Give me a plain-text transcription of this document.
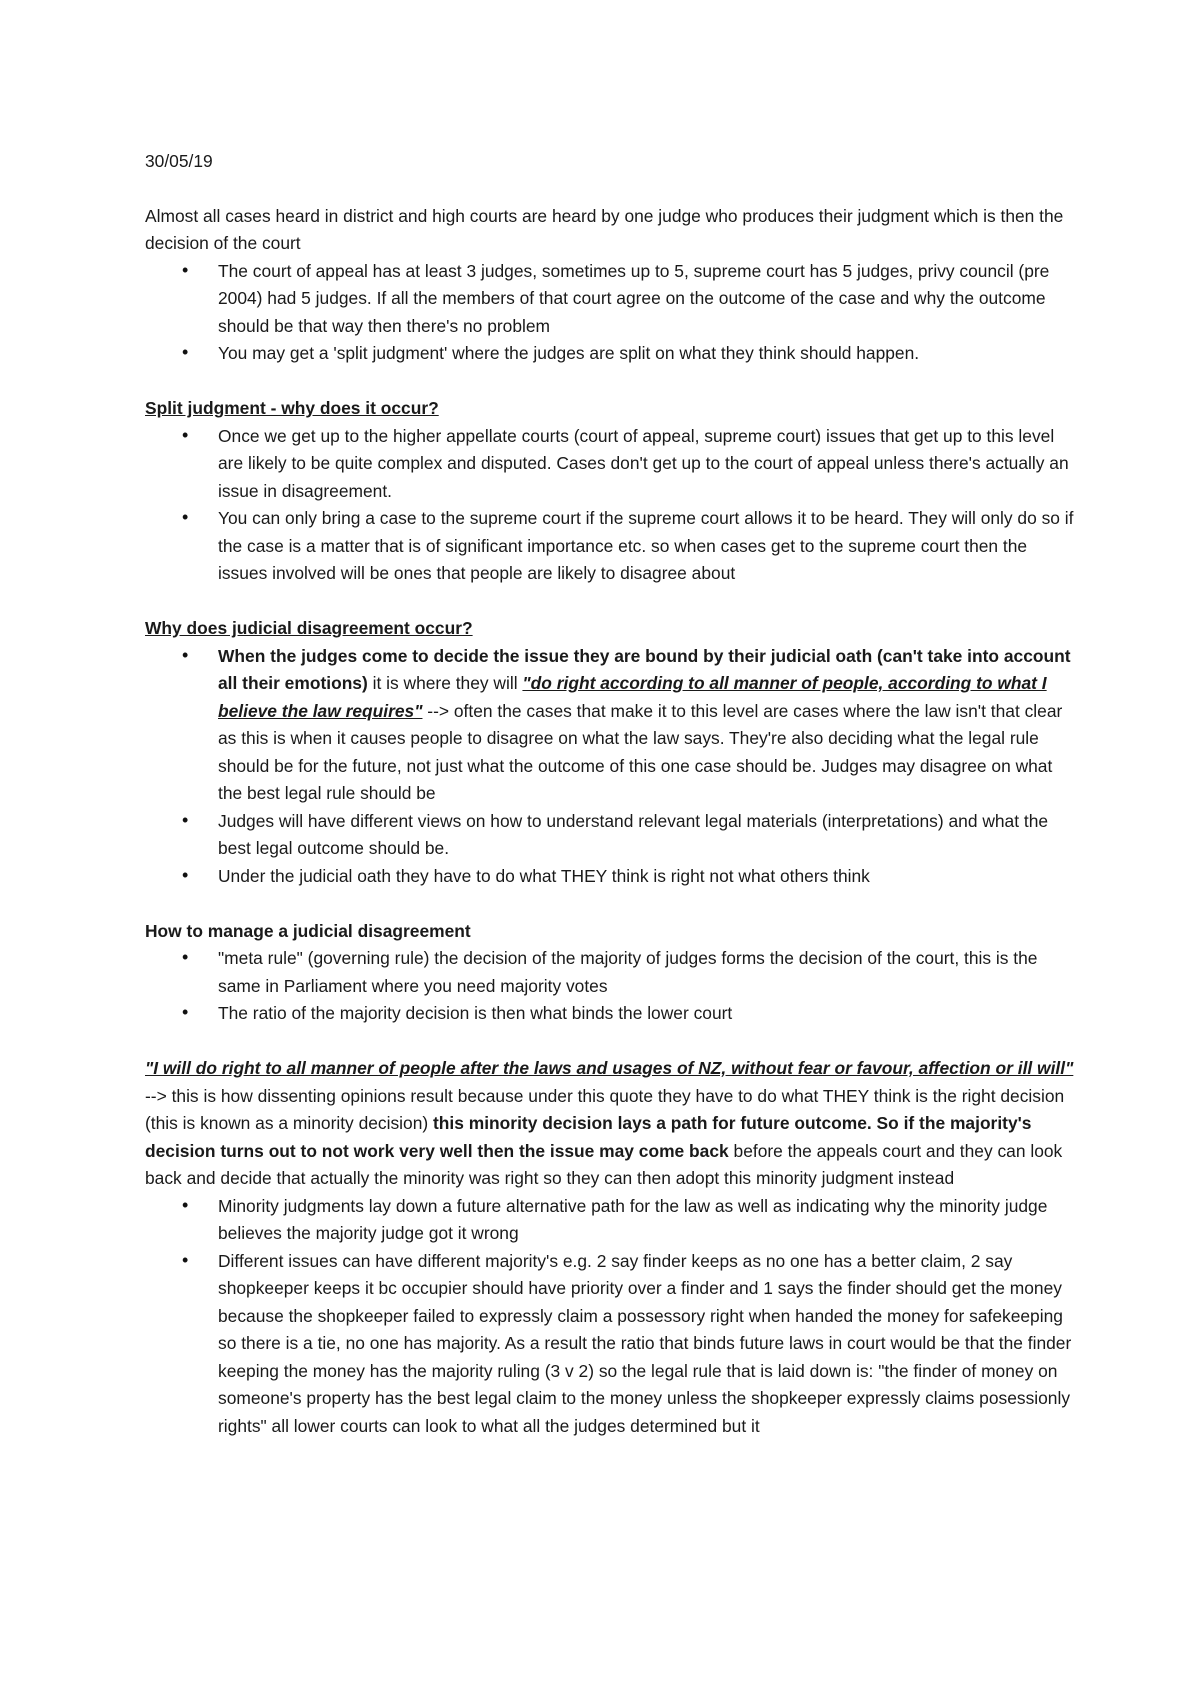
30/05/19

Almost all cases heard in district and high courts are heard by one judge who produces their judgment which is then the decision of the court

• The court of appeal has at least 3 judges, sometimes up to 5, supreme court has 5 judges, privy council (pre 2004) had 5 judges. If all the members of that court agree on the outcome of the case and why the outcome should be that way then there's no problem
• You may get a 'split judgment' where the judges are split on what they think should happen.

Split judgment - why does it occur?

• Once we get up to the higher appellate courts (court of appeal, supreme court) issues that get up to this level are likely to be quite complex and disputed. Cases don't get up to the court of appeal unless there's actually an issue in disagreement.
• You can only bring a case to the supreme court if the supreme court allows it to be heard. They will only do so if the case is a matter that is of significant importance etc. so when cases get to the supreme court then the issues involved will be ones that people are likely to disagree about

Why does judicial disagreement occur?

• When the judges come to decide the issue they are bound by their judicial oath (can't take into account all their emotions) it is where they will "do right according to all manner of people, according to what I believe the law requires" --> often the cases that make it to this level are cases where the law isn't that clear as this is when it causes people to disagree on what the law says. They're also deciding what the legal rule should be for the future, not just what the outcome of this one case should be. Judges may disagree on what the best legal rule should be
• Judges will have different views on how to understand relevant legal materials (interpretations) and what the best legal outcome should be.
• Under the judicial oath they have to do what THEY think is right not what others think

How to manage a judicial disagreement

• "meta rule" (governing rule) the decision of the majority of judges forms the decision of the court, this is the same in Parliament where you need majority votes
• The ratio of the majority decision is then what binds the lower court

"I will do right to all manner of people after the laws and usages of NZ, without fear or favour, affection or ill will" --> this is how dissenting opinions result because under this quote they have to do what THEY think is the right decision (this is known as a minority decision) this minority decision lays a path for future outcome. So if the majority's decision turns out to not work very well then the issue may come back before the appeals court and they can look back and decide that actually the minority was right so they can then adopt this minority judgment instead

• Minority judgments lay down a future alternative path for the law as well as indicating why the minority judge believes the majority judge got it wrong
• Different issues can have different majority's e.g. 2 say finder keeps as no one has a better claim, 2 say shopkeeper keeps it bc occupier should have priority over a finder and 1 says the finder should get the money because the shopkeeper failed to expressly claim a possessory right when handed the money for safekeeping so there is a tie, no one has majority. As a result the ratio that binds future laws in court would be that the finder keeping the money has the majority ruling (3 v 2) so the legal rule that is laid down is: "the finder of money on someone's property has the best legal claim to the money unless the shopkeeper expressly claims posessionly rights" all lower courts can look to what all the judges determined but it
